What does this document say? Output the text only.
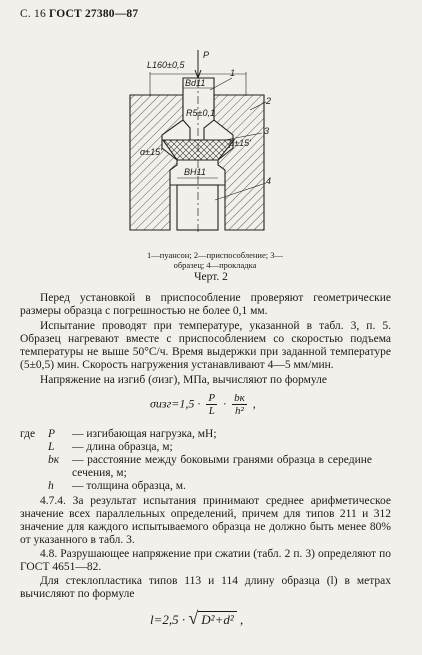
С. 16 ГОСТ 27380—87
L160±0,5
P
Bd11
R5±0,1
α±15'
β±15'
BH11
1
2
3
4
1—пуансон; 2—приспособление; 3—образец; 4—прокладка
Черт. 2

Перед установкой в приспособление проверяют геометрические размеры образца с погрешностью не более 0,1 мм.

Испытание проводят при температуре, указанной в табл. 3, п. 5. Образец нагревают вместе с приспособлением со скоростью подъема температуры не выше 50°С/ч. Время выдержки при заданной температуре (5±0,5) мин. Скорость нагружения устанавливают 4—5 мм/мин.

Напряжение на изгиб (σизг), МПа, вычисляют по формуле

$\sigma изг=1,5 \cdot \frac{P}{L}$ · bк
h²
,
где	P	— изгибающая нагрузка, мН;
L	— длина образца, м;
bк	— расстояние между боковыми гранями образца в середине сечения, м;
h	— толщина образца, м.

4.7.4. За результат испытания принимают среднее арифметическое значение всех параллельных определений, причем для типов 211 и 312 значение для каждого испытываемого образца не должно быть менее 80% от указанного в табл. 3.

4.8. Разрушающее напряжение при сжатии (табл. 2 п. 3) определяют по ГОСТ 4651—82.

Для стеклопластика типов 113 и 114 длину образца (l) в метрах вычисляют по формуле

l=2,5 · √ D²+d² ,
